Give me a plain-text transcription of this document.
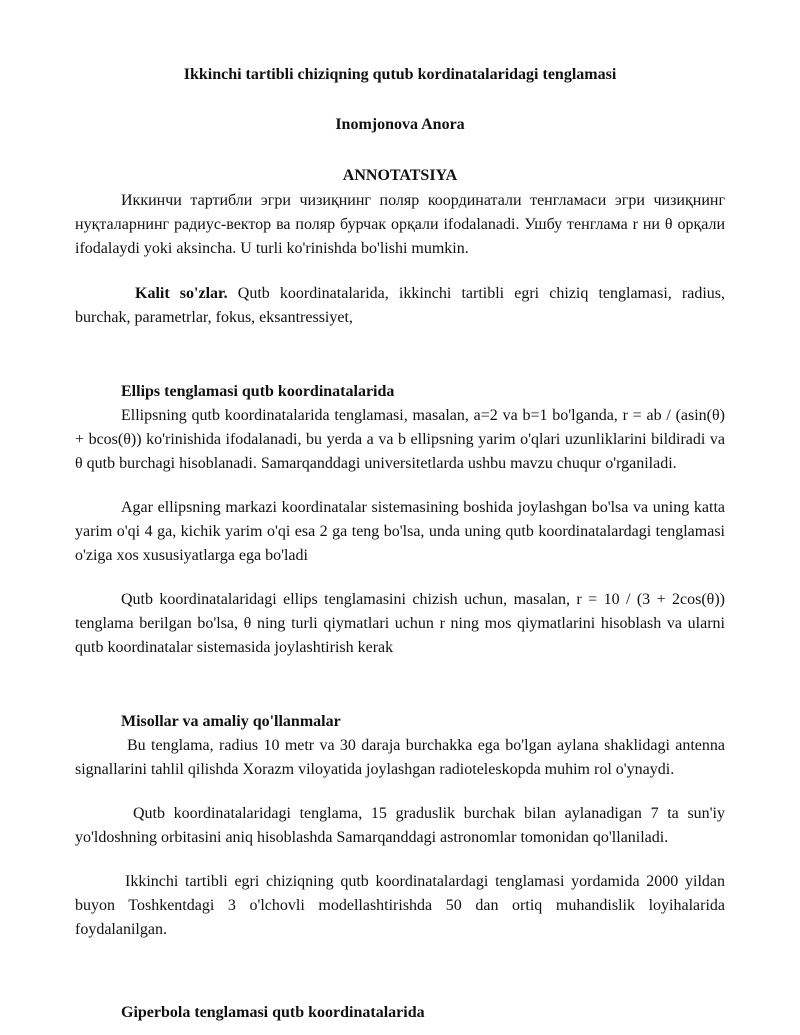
Ikkinchi tartibli chiziqning qutub kordinatalaridagi tenglamasi
Inomjonova Anora
ANNOTATSIYA

Иккинчи тартибли эгри чизиқнинг поляр координатали тенгламаси эгри чизиқнинг нуқталарнинг радиус-вектор ва поляр бурчак орқали ifodalanadi. Ушбу тенглама r ни θ орқали ifodalaydi yoki aksincha. U turli ko'rinishda bo'lishi mumkin.

Kalit so'zlar. Qutb koordinatalarida, ikkinchi tartibli egri chiziq tenglamasi, radius, burchak, parametrlar, fokus, eksantressiyet,

Ellips tenglamasi qutb koordinatalarida

Ellipsning qutb koordinatalarida tenglamasi, masalan, a=2 va b=1 bo'lganda, r = ab / (asin(θ) + bcos(θ)) ko'rinishida ifodalanadi, bu yerda a va b ellipsning yarim o'qlari uzunliklarini bildiradi va θ qutb burchagi hisoblanadi. Samarqanddagi universitetlarda ushbu mavzu chuqur o'rganiladi.

Agar ellipsning markazi koordinatalar sistemasining boshida joylashgan bo'lsa va uning katta yarim o'qi 4 ga, kichik yarim o'qi esa 2 ga teng bo'lsa, unda uning qutb koordinatalardagi tenglamasi o'ziga xos xususiyatlarga ega bo'ladi

Qutb koordinatalaridagi ellips tenglamasini chizish uchun, masalan, r = 10 / (3 + 2cos(θ)) tenglama berilgan bo'lsa, θ ning turli qiymatlari uchun r ning mos qiymatlarini hisoblash va ularni qutb koordinatalar sistemasida joylashtirish kerak

Misollar va amaliy qo'llanmalar

Bu tenglama, radius 10 metr va 30 daraja burchakka ega bo'lgan aylana shaklidagi antenna signallarini tahlil qilishda Xorazm viloyatida joylashgan radioteleskopda muhim rol o'ynaydi.

Qutb koordinatalaridagi tenglama, 15 graduslik burchak bilan aylanadigan 7 ta sun'iy yo'ldoshning orbitasini aniq hisoblashda Samarqanddagi astronomlar tomonidan qo'llaniladi.

Ikkinchi tartibli egri chiziqning qutb koordinatalardagi tenglamasi yordamida 2000 yildan buyon Toshkentdagi 3 o'lchovli modellashtirishda 50 dan ortiq muhandislik loyihalarida foydalanilgan.

Giperbola tenglamasi qutb koordinatalarida
